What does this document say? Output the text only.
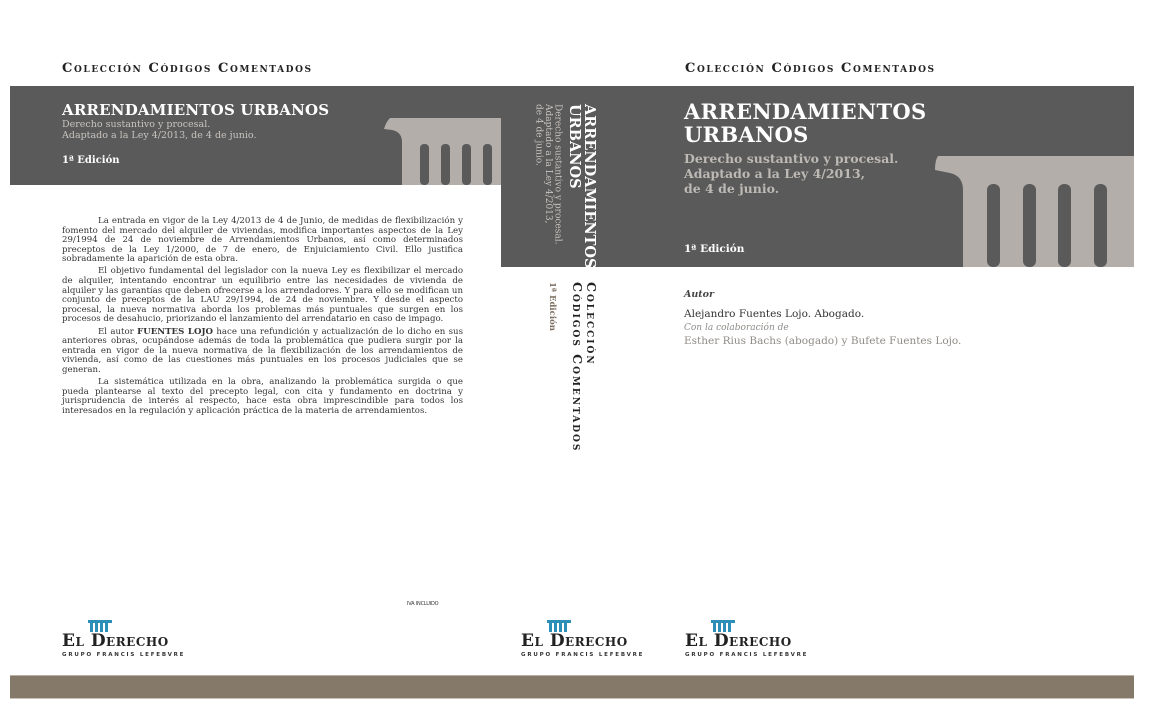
Colección Códigos Comentados
ARRENDAMIENTOS URBANOS
Derecho sustantivo y procesal.
Adaptado a la Ley 4/2013, de 4 de junio.
1ª Edición

La entrada en vigor de la Ley 4/2013 de 4 de Junio, de medidas de flexibilización y fomento del mercado del alquiler de viviendas, modifica importantes aspectos de la Ley 29/1994 de 24 de noviembre de Arrendamientos Urbanos, así como determinados preceptos de la Ley 1/2000, de 7 de enero, de Enjuiciamiento Civil. Ello justifica sobradamente la aparición de esta obra.

El objetivo fundamental del legislador con la nueva Ley es flexibilizar el mercado de alquiler, intentando encontrar un equilibrio entre las necesidades de vivienda de alquiler y las garantías que deben ofrecerse a los arrendadores. Y para ello se modifican un conjunto de preceptos de la LAU 29/1994, de 24 de noviembre. Y desde el aspecto procesal, la nueva normativa aborda los problemas más puntuales que surgen en los procesos de desahucio, priorizando el lanzamiento del arrendatario en caso de impago.

El autor FUENTES LOJO hace una refundición y actualización de lo dicho en sus anteriores obras, ocupándose además de toda la problemática que pudiera surgir por la entrada en vigor de la nueva normativa de la flexibilización de los arrendamientos de vivienda, así como de las cuestiones más puntuales en los procesos judiciales que se generan.

La sistemática utilizada en la obra, analizando la problemática surgida o que pueda plantearse al texto del precepto legal, con cita y fundamento en doctrina y jurisprudencia de interés al respecto, hace esta obra imprescindible para todos los interesados en la regulación y aplicación práctica de la materia de arrendamientos.

IVA INCLUIDO
El Derecho
GRUPO FRANCIS LEFEBVRE
ARRENDAMIENTOS
URBANOS
Derecho sustantivo y procesal.
Adaptado a la Ley 4/2013,
de 4 de junio.
Colección
Códigos Comentados
1ª Edición
El Derecho
GRUPO FRANCIS LEFEBVRE
Colección Códigos Comentados
ARRENDAMIENTOS
URBANOS
Derecho sustantivo y procesal.
Adaptado a la Ley 4/2013,
de 4 de junio.
1ª Edición
Autor
Alejandro Fuentes Lojo. Abogado.
Con la colaboración de
Esther Rius Bachs (abogado) y Bufete Fuentes Lojo.
El Derecho
GRUPO FRANCIS LEFEBVRE
